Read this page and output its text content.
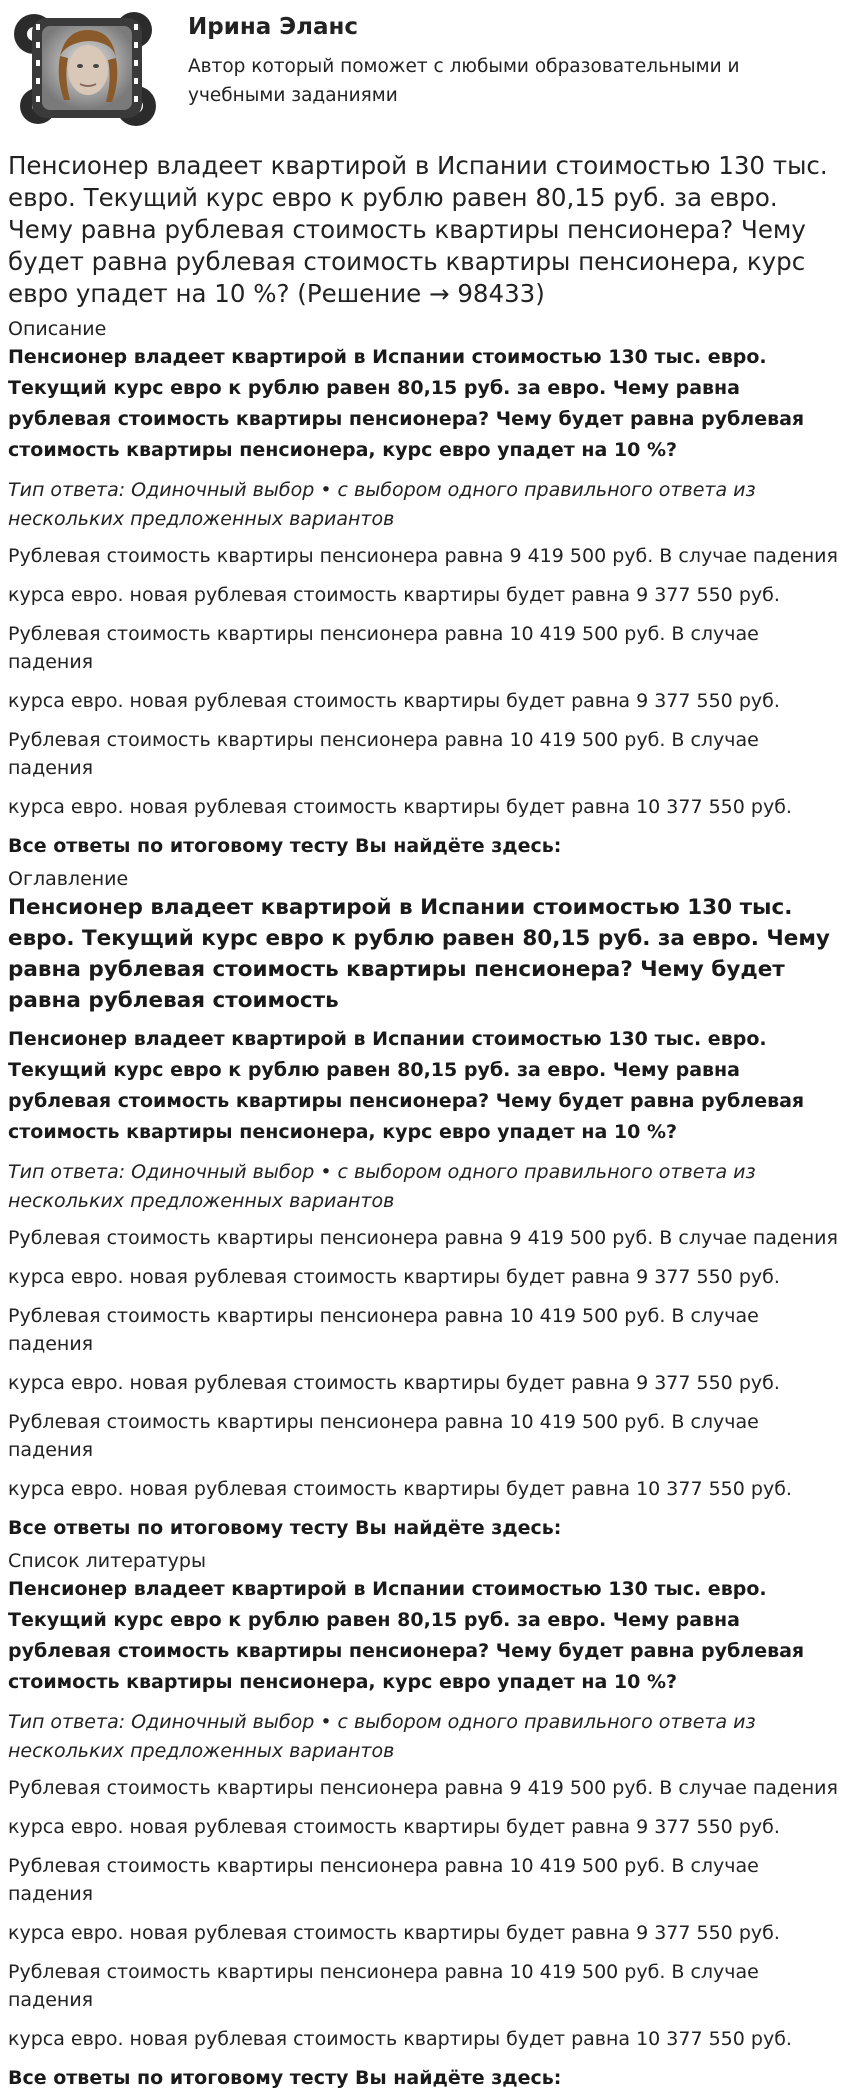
Ирина Эланс
Автор который поможет с любыми образовательными и учебными заданиями
Пенсионер владеет квартирой в Испании стоимостью 130 тыс. евро. Текущий курс евро к рублю равен 80,15 руб. за евро. Чему равна рублевая стоимость квартиры пенсионера? Чему будет равна рублевая стоимость квартиры пенсионера, курс евро упадет на 10 %? (Решение → 98433)
Описание
Пенсионер владеет квартирой в Испании стоимостью 130 тыс. евро. Текущий курс евро к рублю равен 80,15 руб. за евро. Чему равна рублевая стоимость квартиры пенсионера? Чему будет равна рублевая стоимость квартиры пенсионера, курс евро упадет на 10 %?
Тип ответа: Одиночный выбор • с выбором одного правильного ответа из нескольких предложенных вариантов
Рублевая стоимость квартиры пенсионера равна 9 419 500 руб. В случае падения
курса евро. новая рублевая стоимость квартиры будет равна 9 377 550 руб.
Рублевая стоимость квартиры пенсионера равна 10 419 500 руб. В случае падения
курса евро. новая рублевая стоимость квартиры будет равна 9 377 550 руб.
Рублевая стоимость квартиры пенсионера равна 10 419 500 руб. В случае падения
курса евро. новая рублевая стоимость квартиры будет равна 10 377 550 руб.
Все ответы по итоговому тесту Вы найдёте здесь:
Оглавление
Пенсионер владеет квартирой в Испании стоимостью 130 тыс. евро. Текущий курс евро к рублю равен 80,15 руб. за евро. Чему равна рублевая стоимость квартиры пенсионера? Чему будет равна рублевая стоимость
Пенсионер владеет квартирой в Испании стоимостью 130 тыс. евро. Текущий курс евро к рублю равен 80,15 руб. за евро. Чему равна рублевая стоимость квартиры пенсионера? Чему будет равна рублевая стоимость квартиры пенсионера, курс евро упадет на 10 %?
Тип ответа: Одиночный выбор • с выбором одного правильного ответа из нескольких предложенных вариантов
Рублевая стоимость квартиры пенсионера равна 9 419 500 руб. В случае падения
курса евро. новая рублевая стоимость квартиры будет равна 9 377 550 руб.
Рублевая стоимость квартиры пенсионера равна 10 419 500 руб. В случае падения
курса евро. новая рублевая стоимость квартиры будет равна 9 377 550 руб.
Рублевая стоимость квартиры пенсионера равна 10 419 500 руб. В случае падения
курса евро. новая рублевая стоимость квартиры будет равна 10 377 550 руб.
Все ответы по итоговому тесту Вы найдёте здесь:
Список литературы
Пенсионер владеет квартирой в Испании стоимостью 130 тыс. евро. Текущий курс евро к рублю равен 80,15 руб. за евро. Чему равна рублевая стоимость квартиры пенсионера? Чему будет равна рублевая стоимость квартиры пенсионера, курс евро упадет на 10 %?
Тип ответа: Одиночный выбор • с выбором одного правильного ответа из нескольких предложенных вариантов
Рублевая стоимость квартиры пенсионера равна 9 419 500 руб. В случае падения
курса евро. новая рублевая стоимость квартиры будет равна 9 377 550 руб.
Рублевая стоимость квартиры пенсионера равна 10 419 500 руб. В случае падения
курса евро. новая рублевая стоимость квартиры будет равна 9 377 550 руб.
Рублевая стоимость квартиры пенсионера равна 10 419 500 руб. В случае падения
курса евро. новая рублевая стоимость квартиры будет равна 10 377 550 руб.
Все ответы по итоговому тесту Вы найдёте здесь:
